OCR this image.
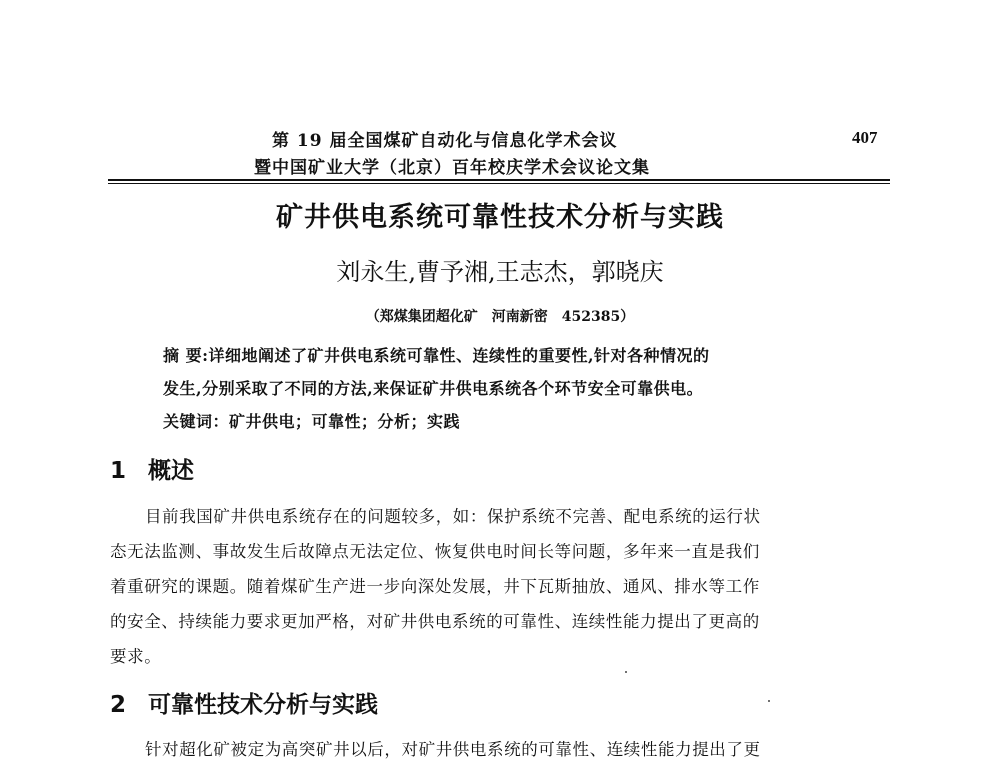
第 19 届全国煤矿自动化与信息化学术会议
暨中国矿业大学（北京）百年校庆学术会议论文集
407
矿井供电系统可靠性技术分析与实践
刘永生,曹予湘,王志杰，郭晓庆
（郑煤集团超化矿　河南新密　452385）
摘 要:详细地阐述了矿井供电系统可靠性、连续性的重要性,针对各种情况的
发生,分别采取了不同的方法,来保证矿井供电系统各个环节安全可靠供电。
关键词：矿井供电；可靠性；分析；实践
1 概述
目前我国矿井供电系统存在的问题较多，如：保护系统不完善、配电系统的运行状
态无法监测、事故发生后故障点无法定位、恢复供电时间长等问题，多年来一直是我们
着重研究的课题。随着煤矿生产进一步向深处发展，井下瓦斯抽放、通风、排水等工作
的安全、持续能力要求更加严格，对矿井供电系统的可靠性、连续性能力提出了更高的
要求。
2 可靠性技术分析与实践
针对超化矿被定为高突矿井以后，对矿井供电系统的可靠性、连续性能力提出了更
